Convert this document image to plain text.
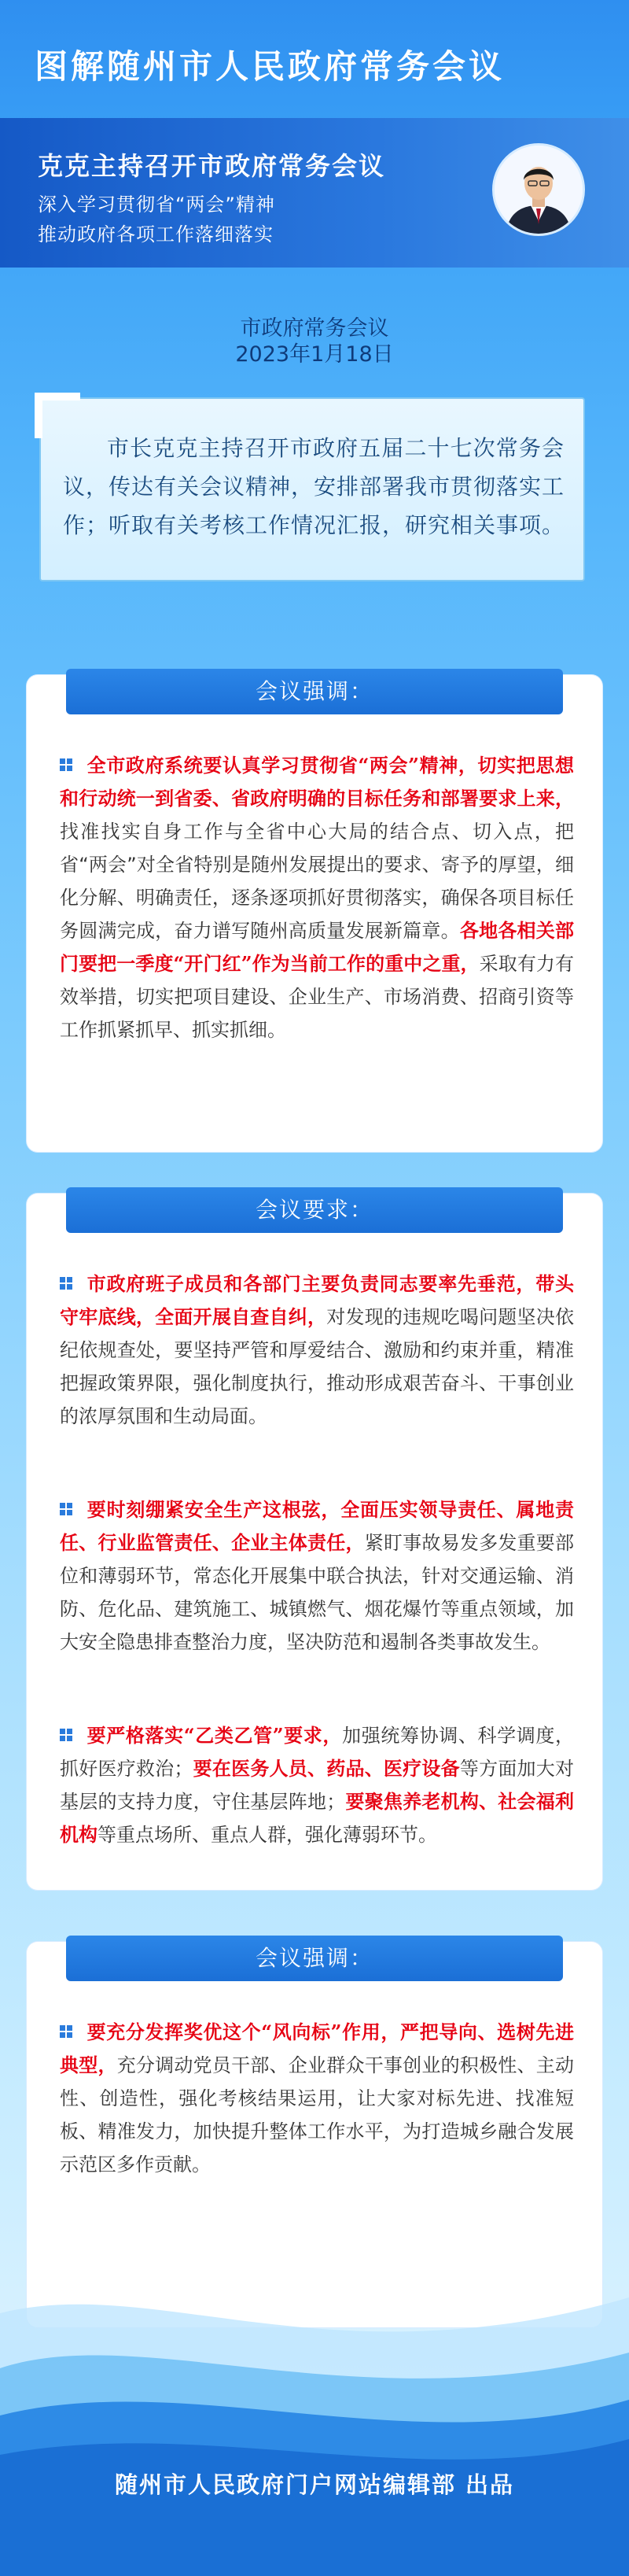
图解随州市人民政府常务会议
克克主持召开市政府常务会议
深入学习贯彻省“两会”精神
推动政府各项工作落细落实
市政府常务会议
2023年1月18日

市长克克主持召开市政府五届二十七次常务会议，传达有关会议精神，安排部署我市贯彻落实工作；听取有关考核工作情况汇报，研究相关事项。

会议强调：

全市政府系统要认真学习贯彻省“两会”精神，切实把思想和行动统一到省委、省政府明确的目标任务和部署要求上来，找准找实自身工作与全省中心大局的结合点、切入点，把省“两会”对全省特别是随州发展提出的要求、寄予的厚望，细化分解、明确责任，逐条逐项抓好贯彻落实，确保各项目标任务圆满完成，奋力谱写随州高质量发展新篇章。各地各相关部门要把一季度“开门红”作为当前工作的重中之重，采取有力有效举措，切实把项目建设、企业生产、市场消费、招商引资等工作抓紧抓早、抓实抓细。

会议要求：

市政府班子成员和各部门主要负责同志要率先垂范，带头守牢底线，全面开展自查自纠，对发现的违规吃喝问题坚决依纪依规查处，要坚持严管和厚爱结合、激励和约束并重，精准把握政策界限，强化制度执行，推动形成艰苦奋斗、干事创业的浓厚氛围和生动局面。

要时刻绷紧安全生产这根弦，全面压实领导责任、属地责任、行业监管责任、企业主体责任，紧盯事故易发多发重要部位和薄弱环节，常态化开展集中联合执法，针对交通运输、消防、危化品、建筑施工、城镇燃气、烟花爆竹等重点领域，加大安全隐患排查整治力度，坚决防范和遏制各类事故发生。

要严格落实“乙类乙管”要求，加强统筹协调、科学调度，抓好医疗救治；要在医务人员、药品、医疗设备等方面加大对基层的支持力度，守住基层阵地；要聚焦养老机构、社会福利机构等重点场所、重点人群，强化薄弱环节。

会议强调：

要充分发挥奖优这个“风向标”作用，严把导向、选树先进典型，充分调动党员干部、企业群众干事创业的积极性、主动性、创造性，强化考核结果运用，让大家对标先进、找准短板、精准发力，加快提升整体工作水平，为打造城乡融合发展示范区多作贡献。

随州市人民政府门户网站编辑部 出品
